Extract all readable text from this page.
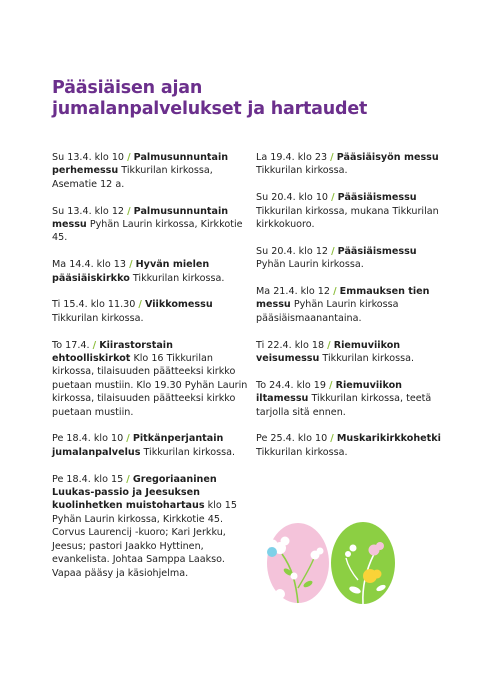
Pääsiäisen ajan
jumalanpalvelukset ja hartaudet

Su 13.4. klo 10 / Palmusunnuntain perhemessu Tikkurilan kirkossa, Asematie 12 a.

Su 13.4. klo 12 / Palmusunnuntain messu Pyhän Laurin kirkossa, Kirkkotie 45.

Ma 14.4. klo 13 / Hyvän mielen pääsiäiskirkko Tikkurilan kirkossa.

Ti 15.4. klo 11.30 / Viikkomessu Tikkurilan kirkossa.

To 17.4. / Kiirastorstain ehtoolliskirkot Klo 16 Tikkurilan kirkossa, tilaisuuden päätteeksi kirkko puetaan mustiin. Klo 19.30 Pyhän Laurin kirkossa, tilaisuuden päätteeksi kirkko puetaan mustiin.

Pe 18.4. klo 10 / Pitkänperjantain jumalanpalvelus Tikkurilan kirkossa.

Pe 18.4. klo 15 / Gregoriaaninen Luukas-passio ja Jeesuksen kuolinhetken muistohartaus klo 15 Pyhän Laurin kirkossa, Kirkkotie 45. Corvus Laurencij -kuoro; Kari Jerkku, Jeesus; pastori Jaakko Hyttinen, evankelista. Johtaa Samppa Laakso. Vapaa pääsy ja käsiohjelma.

La 19.4. klo 23 / Pääsiäisyön messu Tikkurilan kirkossa.

Su 20.4. klo 10 / Pääsiäismessu Tikkurilan kirkossa, mukana Tikkurilan kirkkokuoro.

Su 20.4. klo 12 / Pääsiäismessu Pyhän Laurin kirkossa.

Ma 21.4. klo 12 / Emmauksen tien messu Pyhän Laurin kirkossa pääsiäismaanantaina.

Ti 22.4. klo 18 / Riemuviikon veisumessu Tikkurilan kirkossa.

To 24.4. klo 19 / Riemuviikon iltamessu Tikkurilan kirkossa, teetä tarjolla sitä ennen.

Pe 25.4. klo 10 / Muskarikirkkohetki Tikkurilan kirkossa.
